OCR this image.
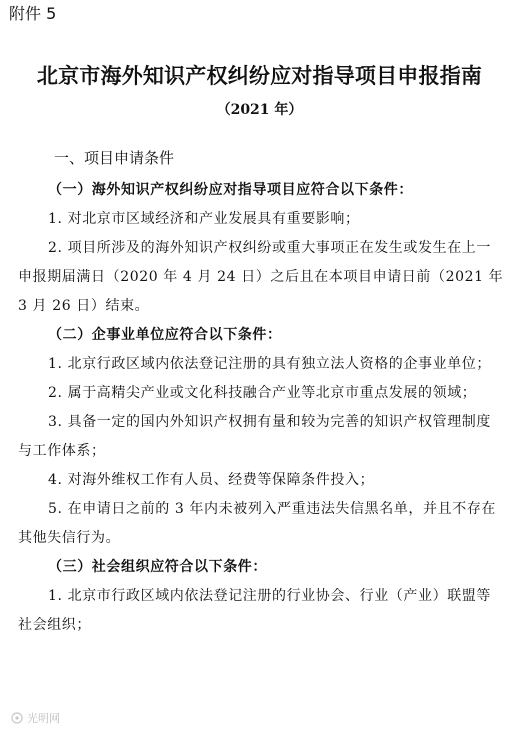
附件 5
北京市海外知识产权纠纷应对指导项目申报指南
（2021 年）
一、项目申请条件

（一）海外知识产权纠纷应对指导项目应符合以下条件：

1. 对北京市区域经济和产业发展具有重要影响；

2. 项目所涉及的海外知识产权纠纷或重大事项正在发生或发生在上一申报期届满日（2020 年 4 月 24 日）之后且在本项目申请日前（2021 年 3 月 26 日）结束。

（二）企事业单位应符合以下条件：

1. 北京行政区域内依法登记注册的具有独立法人资格的企事业单位；

2. 属于高精尖产业或文化科技融合产业等北京市重点发展的领域；

3. 具备一定的国内外知识产权拥有量和较为完善的知识产权管理制度与工作体系；

4. 对海外维权工作有人员、经费等保障条件投入；

5. 在申请日之前的 3 年内未被列入严重违法失信黑名单，并且不存在其他失信行为。

（三）社会组织应符合以下条件：

1. 北京市行政区域内依法登记注册的行业协会、行业（产业）联盟等社会组织；

光明网
